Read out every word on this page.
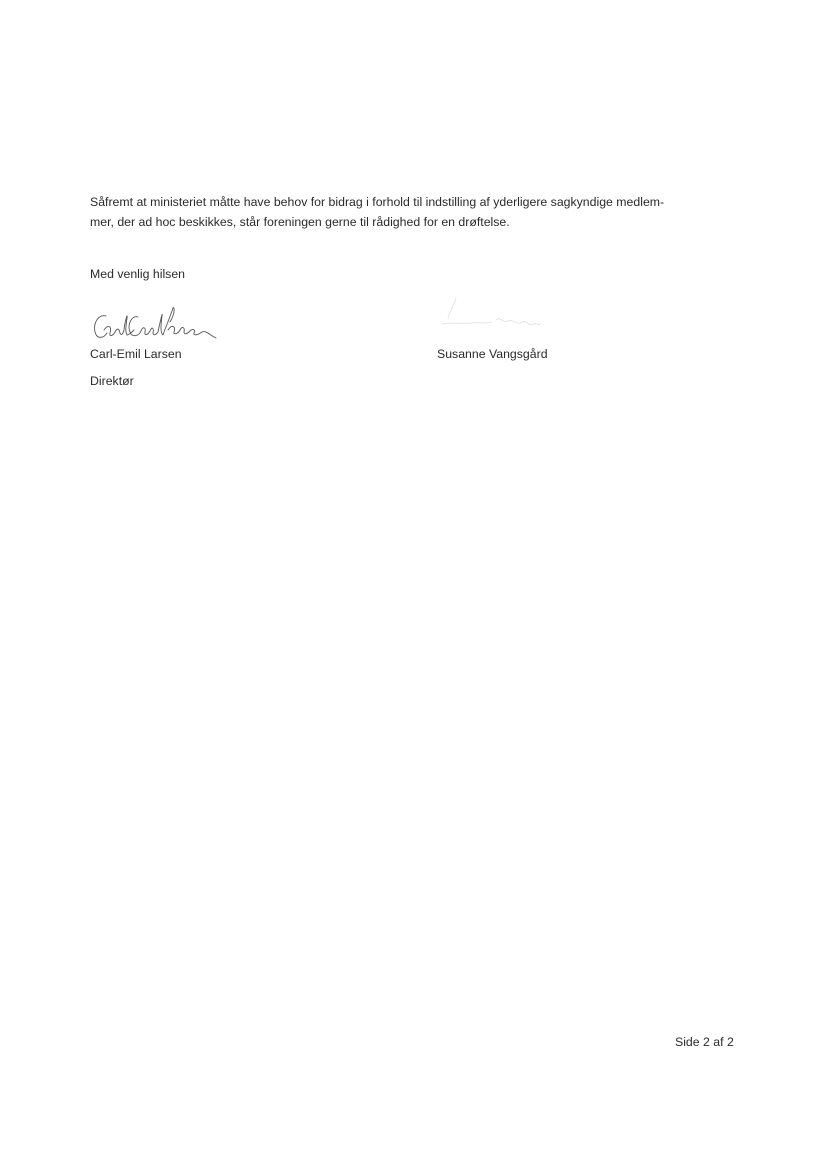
Såfremt at ministeriet måtte have behov for bidrag i forhold til indstilling af yderligere sagkyndige medlem-
mer, der ad hoc beskikkes, står foreningen gerne til rådighed for en drøftelse.

Med venlig hilsen
Carl-Emil Larsen	Susanne Vangsgård
Direktør
Side 2 af 2
